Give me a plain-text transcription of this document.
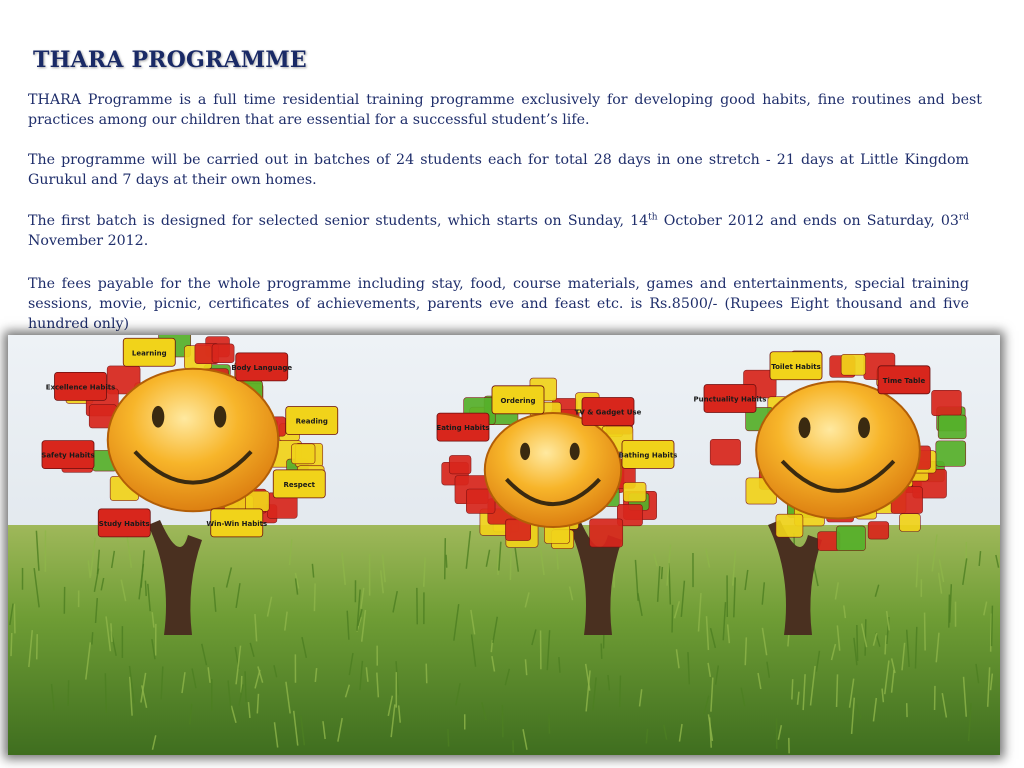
THARA PROGRAMME
THARA Programme is a full time residential training programme exclusively for developing good habits, fine routines and best practices among our children that are essential for a successful student’s life.
The programme will be carried out in batches of 24 students each for total 28 days in one stretch - 21 days at Little Kingdom Gurukul and 7 days at their own homes.
The first batch is designed for selected senior students, which starts on Sunday, 14th October 2012 and ends on Saturday, 03rd November 2012.
The fees payable for the whole programme including stay, food, course materials, games and entertainments, special training sessions, movie, picnic, certificates of achievements, parents eve and feast etc. is Rs.8500/- (Rupees Eight thousand and five hundred only)
Excellence Habits
Learning
Body Language
Reading
Safety Habits
Respect
Study Habits	Win-Win Habits
Eating Habits
Ordering
TV & Gadget Use
Bathing Habits
Punctuality Habits
Toilet Habits
Time Table
